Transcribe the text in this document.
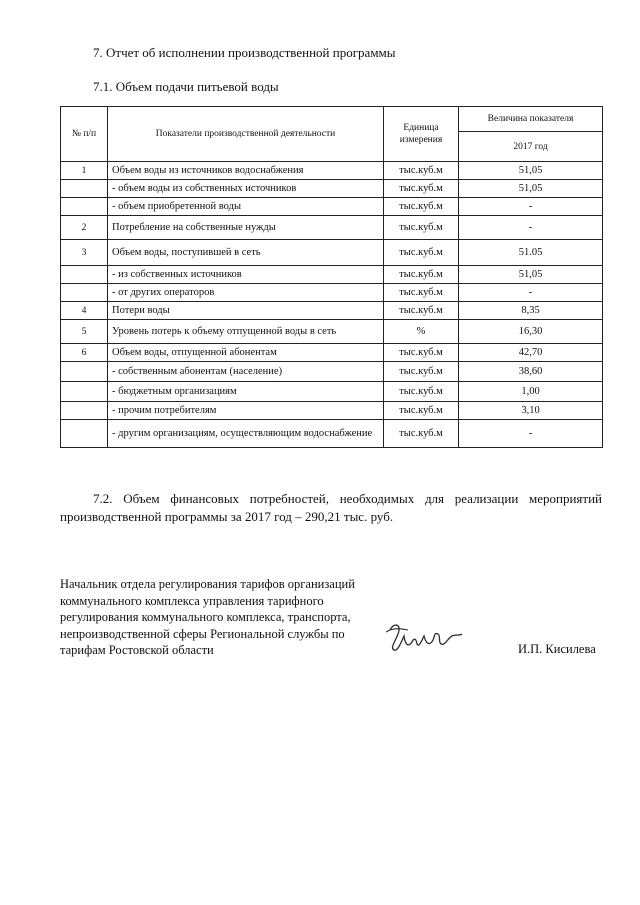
7. Отчет об исполнении производственной программы
7.1. Объем подачи питьевой воды
№ п/п	Показатели производственной деятельности	Единица измерения	Величина показателя
			2017 год
1	Объем воды из источников водоснабжения	тыс.куб.м	51,05
	- объем воды из собственных источников	тыс.куб.м	51,05
	- объем приобретенной воды	тыс.куб.м	-
2	Потребление на собственные нужды	тыс.куб.м	-
3	Объем воды, поступившей в сеть	тыс.куб.м	51.05
	- из собственных источников	тыс.куб.м	51,05
	- от других операторов	тыс.куб.м	-
4	Потери воды	тыс.куб.м	8,35
5	Уровень потерь к объему отпущенной воды в сеть	%	16,30
6	Объем воды, отпущенной абонентам	тыс.куб.м	42,70
	- собственным абонентам (население)	тыс.куб.м	38,60
	- бюджетным организациям	тыс.куб.м	1,00
	- прочим потребителям	тыс.куб.м	3,10
	- другим организациям, осуществляющим водоснабжение	тыс.куб.м	-
7.2. Объем финансовых потребностей, необходимых для реализации мероприятий производственной программы за 2017 год – 290,21 тыс. руб.
Начальник отдела регулирования тарифов организаций коммунального комплекса управления тарифного регулирования коммунального комплекса, транспорта, непроизводственной сферы Региональной службы по тарифам Ростовской области	И.П. Кисилева
